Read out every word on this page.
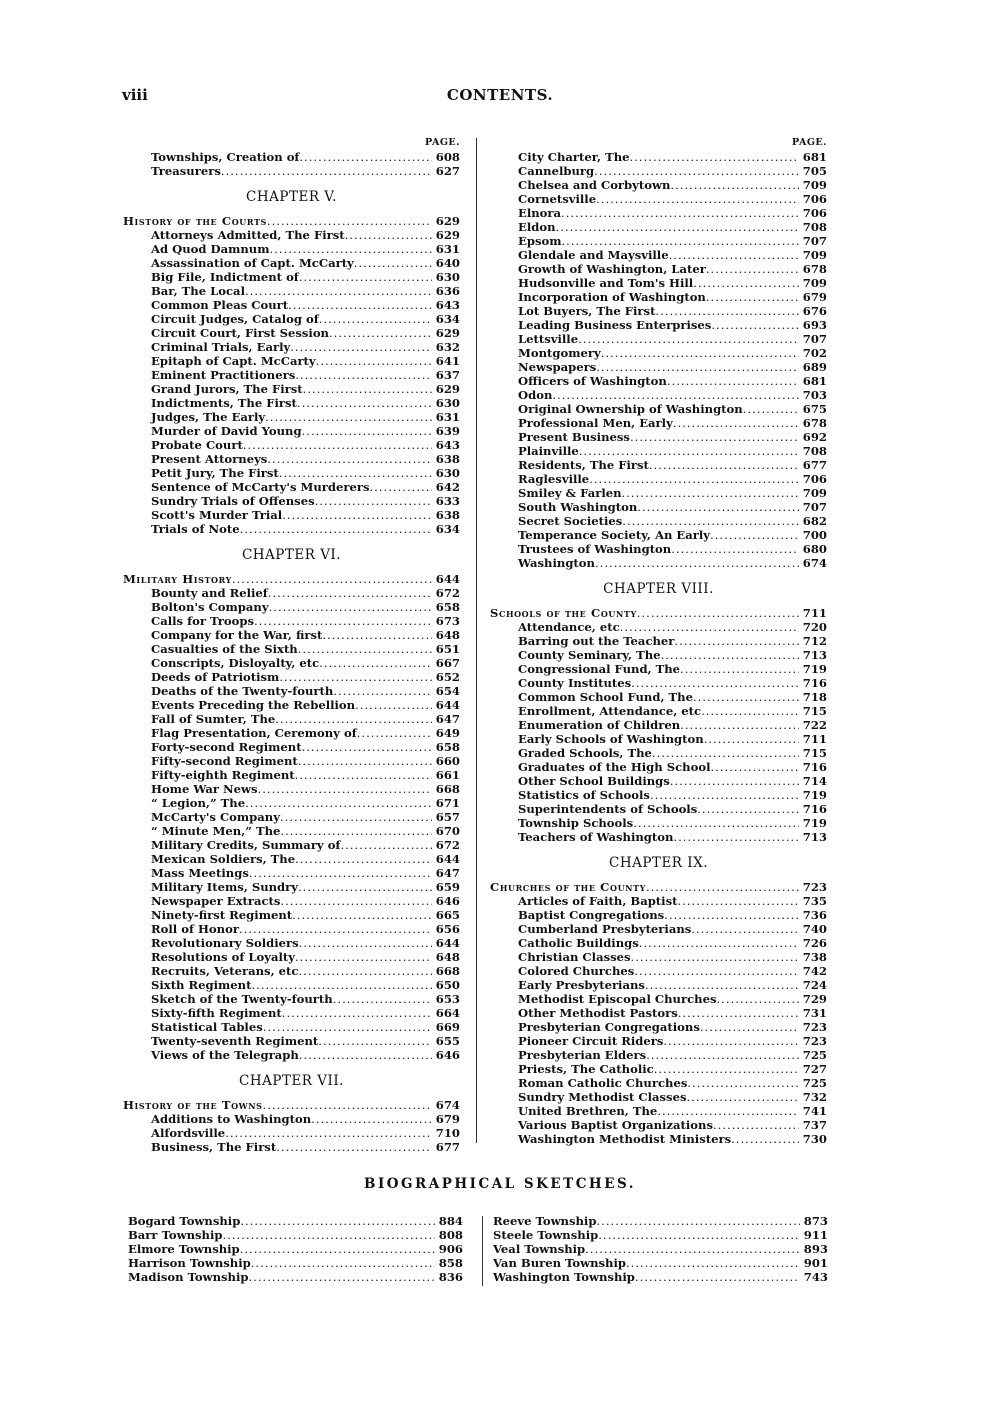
viii	CONTENTS.
PAGE.
Townships, Creation of .....	608
Treasurers .....	627
CHAPTER V.
History of the Courts .....	629
Attorneys Admitted, The First .....	629
Ad Quod Damnum .....	631
Assassination of Capt. McCarty .....	640
Big File, Indictment of .....	630
Bar, The Local .....	636
Common Pleas Court .....	643
Circuit Judges, Catalog of .....	634
Circuit Court, First Session .....	629
Criminal Trials, Early .....	632
Epitaph of Capt. McCarty .....	641
Eminent Practitioners .....	637
Grand Jurors, The First .....	629
Indictments, The First .....	630
Judges, The Early .....	631
Murder of David Young .....	639
Probate Court .....	643
Present Attorneys .....	638
Petit Jury, The First .....	630
Sentence of McCarty's Murderers .....	642
Sundry Trials of Offenses .....	633
Scott's Murder Trial .....	638
Trials of Note .....	634
CHAPTER VI.
Military History .....	644
Bounty and Relief .....	672
Bolton's Company .....	658
Calls for Troops .....	673
Company for the War, first .....	648
Casualties of the Sixth .....	651
Conscripts, Disloyalty, etc .....	667
Deeds of Patriotism .....	652
Deaths of the Twenty-fourth .....	654
Events Preceding the Rebellion .....	644
Fall of Sumter, The .....	647
Flag Presentation, Ceremony of .....	649
Forty-second Regiment .....	658
Fifty-second Regiment .....	660
Fifty-eighth Regiment .....	661
Home War News .....	668
“ Legion,” The .....	671
McCarty's Company .....	657
“ Minute Men,” The .....	670
Military Credits, Summary of .....	672
Mexican Soldiers, The .....	644
Mass Meetings .....	647
Military Items, Sundry .....	659
Newspaper Extracts .....	646
Ninety-first Regiment .....	665
Roll of Honor .....	656
Revolutionary Soldiers .....	644
Resolutions of Loyalty .....	648
Recruits, Veterans, etc .....	668
Sixth Regiment .....	650
Sketch of the Twenty-fourth .....	653
Sixty-fifth Regiment .....	664
Statistical Tables .....	669
Twenty-seventh Regiment .....	655
Views of the Telegraph .....	646
CHAPTER VII.
History of the Towns .....	674
Additions to Washington .....	679
Alfordsville .....	710
Business, The First .....	677
PAGE.
City Charter, The .....	681
Cannelburg .....	705
Chelsea and Corbytown .....	709
Cornetsville .....	706
Elnora .....	706
Eldon .....	708
Epsom .....	707
Glendale and Maysville .....	709
Growth of Washington, Later .....	678
Hudsonville and Tom's Hill .....	709
Incorporation of Washington .....	679
Lot Buyers, The First .....	676
Leading Business Enterprises .....	693
Lettsville .....	707
Montgomery .....	702
Newspapers .....	689
Officers of Washington .....	681
Odon .....	703
Original Ownership of Washington .....	675
Professional Men, Early .....	678
Present Business .....	692
Plainville .....	708
Residents, The First .....	677
Raglesville .....	706
Smiley & Farlen .....	709
South Washington .....	707
Secret Societies .....	682
Temperance Society, An Early .....	700
Trustees of Washington .....	680
Washington .....	674
CHAPTER VIII.
Schools of the County .....	711
Attendance, etc .....	720
Barring out the Teacher .....	712
County Seminary, The .....	713
Congressional Fund, The .....	719
County Institutes .....	716
Common School Fund, The .....	718
Enrollment, Attendance, etc .....	715
Enumeration of Children .....	722
Early Schools of Washington .....	711
Graded Schools, The .....	715
Graduates of the High School .....	716
Other School Buildings .....	714
Statistics of Schools .....	719
Superintendents of Schools .....	716
Township Schools .....	719
Teachers of Washington .....	713
CHAPTER IX.
Churches of the County .....	723
Articles of Faith, Baptist .....	735
Baptist Congregations .....	736
Cumberland Presbyterians .....	740
Catholic Buildings .....	726
Christian Classes .....	738
Colored Churches .....	742
Early Presbyterians .....	724
Methodist Episcopal Churches .....	729
Other Methodist Pastors .....	731
Presbyterian Congregations .....	723
Pioneer Circuit Riders .....	723
Presbyterian Elders .....	725
Priests, The Catholic .....	727
Roman Catholic Churches .....	725
Sundry Methodist Classes .....	732
United Brethren, The .....	741
Various Baptist Organizations .....	737
Washington Methodist Ministers .....	730
BIOGRAPHICAL SKETCHES.
Bogard Township .....	884
Barr Township .....	808
Elmore Township .....	906
Harrison Township .....	858
Madison Township .....	836
Reeve Township .....	873
Steele Township .....	911
Veal Township .....	893
Van Buren Township .....	901
Washington Township .....	743
